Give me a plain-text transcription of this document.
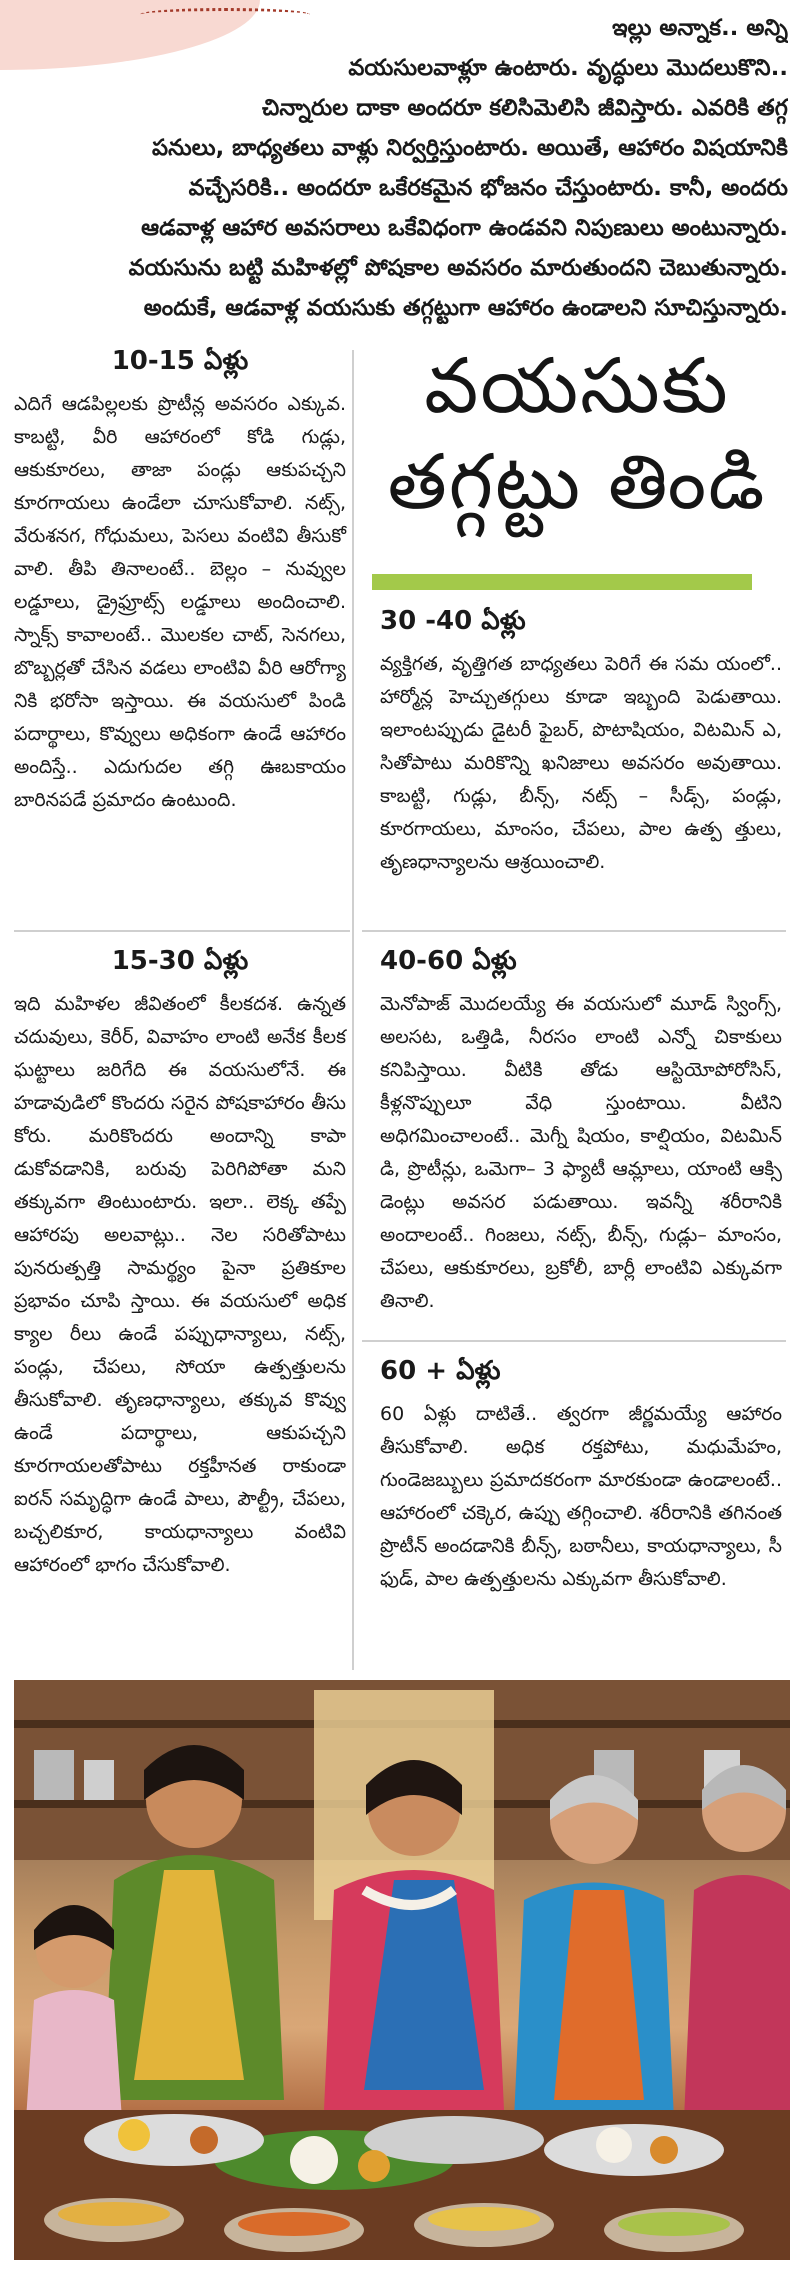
ఇల్లు అన్నాక.. అన్ని
వయసులవాళ్లూ ఉంటారు. వృద్ధులు మొదలుకొని..
చిన్నారుల దాకా అందరూ కలిసిమెలిసి జీవిస్తారు. ఎవరికి తగ్గ
పనులు, బాధ్యతలు వాళ్లు నిర్వర్తిస్తుంటారు. అయితే, ఆహారం విషయానికి
వచ్చేసరికి.. అందరూ ఒకేరకమైన భోజనం చేస్తుంటారు. కానీ, అందరు
ఆడవాళ్ల ఆహార అవసరాలు ఒకేవిధంగా ఉండవని నిపుణులు అంటున్నారు.
వయసును బట్టి మహిళల్లో పోషకాల అవసరం మారుతుందని చెబుతున్నారు.
అందుకే, ఆడవాళ్ల వయసుకు తగ్గట్టుగా ఆహారం ఉండాలని సూచిస్తున్నారు.
10-15 ఏళ్లు

ఎదిగే ఆడపిల్లలకు ప్రొటీన్ల అవసరం ఎక్కువ. కాబట్టి, వీరి ఆహారంలో కోడి గుడ్లు, ఆకుకూరలు, తాజా పండ్లు ఆకుపచ్చని కూరగాయలు ఉండేలా చూసుకోవాలి. నట్స్, వేరుశనగ, గోధుమలు, పెసలు వంటివి తీసుకో వాలి. తీపి తినాలంటే.. బెల్లం – నువ్వుల లడ్డూలు, డ్రైఫ్రూట్స్ లడ్డూలు అందించాలి. స్నాక్స్ కావాలంటే.. మొలకల చాట్, సెనగలు, బొబ్బర్లతో చేసిన వడలు లాంటివి వీరి ఆరోగ్యా నికి భరోసా ఇస్తాయి. ఈ వయసులో పిండి పదార్థాలు, కొవ్వులు అధికంగా ఉండే ఆహారం అందిస్తే.. ఎదుగుదల తగ్గి ఊబకాయం బారినపడే ప్రమాదం ఉంటుంది.

వయసుకు
తగ్గట్టు తిండి
30 -40 ఏళ్లు

వ్యక్తిగత, వృత్తిగత బాధ్యతలు పెరిగే ఈ సమ యంలో.. హార్మోన్ల హెచ్చుతగ్గులు కూడా ఇబ్బంది పెడుతాయి. ఇలాంటప్పుడు డైటరీ ఫైబర్, పొటాషియం, విటమిన్ ఎ, సితోపాటు మరికొన్ని ఖనిజాలు అవసరం అవుతాయి. కాబట్టి, గుడ్లు, బీన్స్, నట్స్ – సీడ్స్, పండ్లు, కూరగాయలు, మాంసం, చేపలు, పాల ఉత్ప త్తులు, తృణధాన్యాలను ఆశ్రయించాలి.

15-30 ఏళ్లు

ఇది మహిళల జీవితంలో కీలకదశ. ఉన్నత చదువులు, కెరీర్, వివాహం లాంటి అనేక కీలక ఘట్టాలు జరిగేది ఈ వయసులోనే. ఈ హడావుడిలో కొందరు సరైన పోషకాహారం తీసు కోరు. మరికొందరు అందాన్ని కాపా డుకోవడానికి, బరువు పెరిగిపోతా మని తక్కువగా తింటుంటారు. ఇలా.. లెక్క తప్పే ఆహారపు అలవాట్లు.. నెల సరితోపాటు పునరుత్పత్తి సామర్థ్యం పైనా ప్రతికూల ప్రభావం చూపి స్తాయి. ఈ వయసులో అధిక క్యాల రీలు ఉండే పప్పుధాన్యాలు, నట్స్, పండ్లు, చేపలు, సోయా ఉత్పత్తులను తీసుకోవాలి. తృణధాన్యాలు, తక్కువ కొవ్వు ఉండే పదార్థాలు, ఆకుపచ్చని కూరగాయలతోపాటు రక్తహీనత రాకుండా ఐరన్ సమృద్ధిగా ఉండే పాలు, పౌల్ట్రీ, చేపలు, బచ్చలికూర, కాయధాన్యాలు వంటివి ఆహారంలో భాగం చేసుకోవాలి.

40-60 ఏళ్లు

మెనోపాజ్ మొదలయ్యే ఈ వయసులో మూడ్ స్వింగ్స్, అలసట, ఒత్తిడి, నీరసం లాంటి ఎన్నో చికాకులు కనిపిస్తాయి. వీటికి తోడు ఆస్టియోపోరోసిస్, కీళ్లనొప్పులూ వేధి స్తుంటాయి. వీటిని అధిగమించాలంటే.. మెగ్నీ షియం, కాల్షియం, విటమిన్ డి, ప్రొటీన్లు, ఒమెగా– 3 ఫ్యాటీ ఆమ్లాలు, యాంటి ఆక్సి డెంట్లు అవసర పడుతాయి. ఇవన్నీ శరీరానికి అందాలంటే.. గింజలు, నట్స్, బీన్స్, గుడ్లు– మాంసం, చేపలు, ఆకుకూరలు, బ్రకోలీ, బార్లీ లాంటివి ఎక్కువగా తినాలి.

60 + ఏళ్లు

60 ఏళ్లు దాటితే.. త్వరగా జీర్ణమయ్యే ఆహారం తీసుకోవాలి. అధిక రక్తపోటు, మధుమేహం, గుండెజబ్బులు ప్రమాదకరంగా మారకుండా ఉండాలంటే.. ఆహారంలో చక్కెర, ఉప్పు తగ్గించాలి. శరీరానికి తగినంత ప్రొటీన్ అందడానికి బీన్స్, బఠానీలు, కాయధాన్యాలు, సీ ఫుడ్, పాల ఉత్పత్తులను ఎక్కువగా తీసుకోవాలి.
